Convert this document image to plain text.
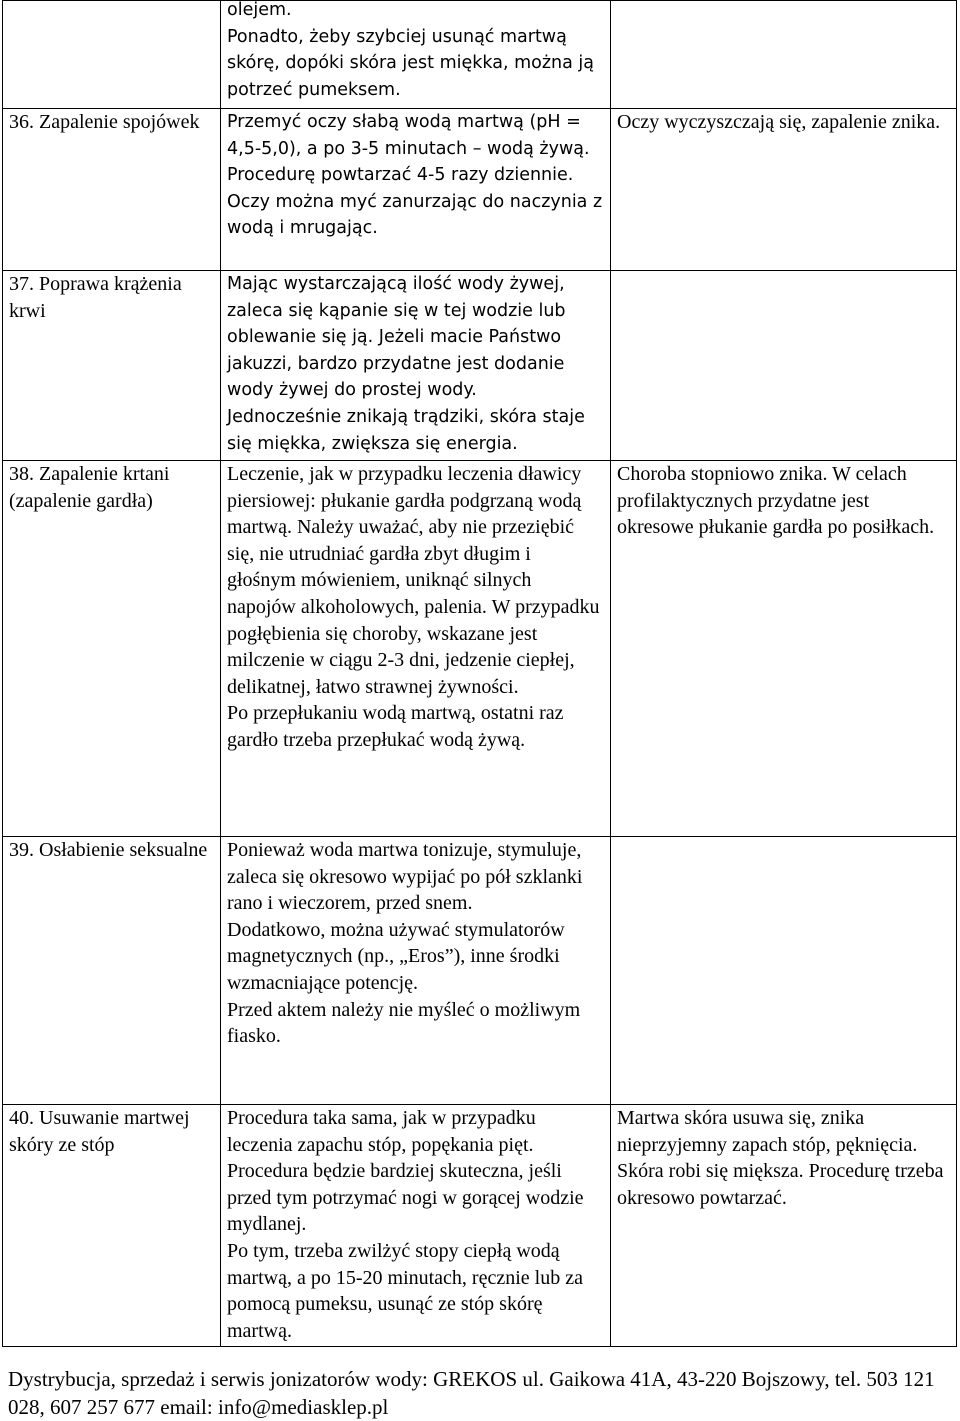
	olejem.
Ponadto, żeby szybciej usunąć martwą skórę, dopóki skóra jest miękka, można ją potrzeć pumeksem.	

36. Zapalenie spojówek	Przemyć oczy słabą wodą martwą (pH = 4,5-5,0), a po 3-5 minutach – wodą żywą.
Procedurę powtarzać 4-5 razy dziennie. Oczy można myć zanurzając do naczynia z wodą i mrugając.	Oczy wyczyszczają się, zapalenie znika.
37. Poprawa krążenia krwi	Mając wystarczającą ilość wody żywej, zaleca się kąpanie się w tej wodzie lub oblewanie się ją. Jeżeli macie Państwo jakuzzi, bardzo przydatne jest dodanie wody żywej do prostej wody.
Jednocześnie znikają trądziki, skóra staje się miękka, zwiększa się energia.	

38. Zapalenie krtani (zapalenie gardła)	Leczenie, jak w przypadku leczenia dławicy piersiowej: płukanie gardła podgrzaną wodą martwą. Należy uważać, aby nie przeziębić się, nie utrudniać gardła zbyt długim i głośnym mówieniem, uniknąć silnych napojów alkoholowych, palenia. W przypadku pogłębienia się choroby, wskazane jest milczenie w ciągu 2-3 dni, jedzenie ciepłej, delikatnej, łatwo strawnej żywności.
Po przepłukaniu wodą martwą, ostatni raz gardło trzeba przepłukać wodą żywą.	Choroba stopniowo znika. W celach profilaktycznych przydatne jest okresowe płukanie gardła po posiłkach.
39. Osłabienie seksualne	Ponieważ woda martwa tonizuje, stymuluje, zaleca się okresowo wypijać po pół szklanki rano i wieczorem, przed snem.
Dodatkowo, można używać stymulatorów magnetycznych (np., „Eros”), inne środki wzmacniające potencję.
Przed aktem należy nie myśleć o możliwym fiasko.	

40. Usuwanie martwej skóry ze stóp	Procedura taka sama, jak w przypadku leczenia zapachu stóp, popękania pięt.
Procedura będzie bardziej skuteczna, jeśli przed tym potrzymać nogi w gorącej wodzie mydlanej.
Po tym, trzeba zwilżyć stopy ciepłą wodą martwą, a po 15-20 minutach, ręcznie lub za pomocą pumeksu, usunąć ze stóp skórę martwą.	Martwa skóra usuwa się, znika nieprzyjemny zapach stóp, pęknięcia. Skóra robi się miększa. Procedurę trzeba okresowo powtarzać.
Dystrybucja, sprzedaż i serwis jonizatorów wody: GREKOS ul. Gaikowa 41A, 43-220 Bojszowy, tel. 503 121 028, 607 257 677 email: info@mediasklep.pl
